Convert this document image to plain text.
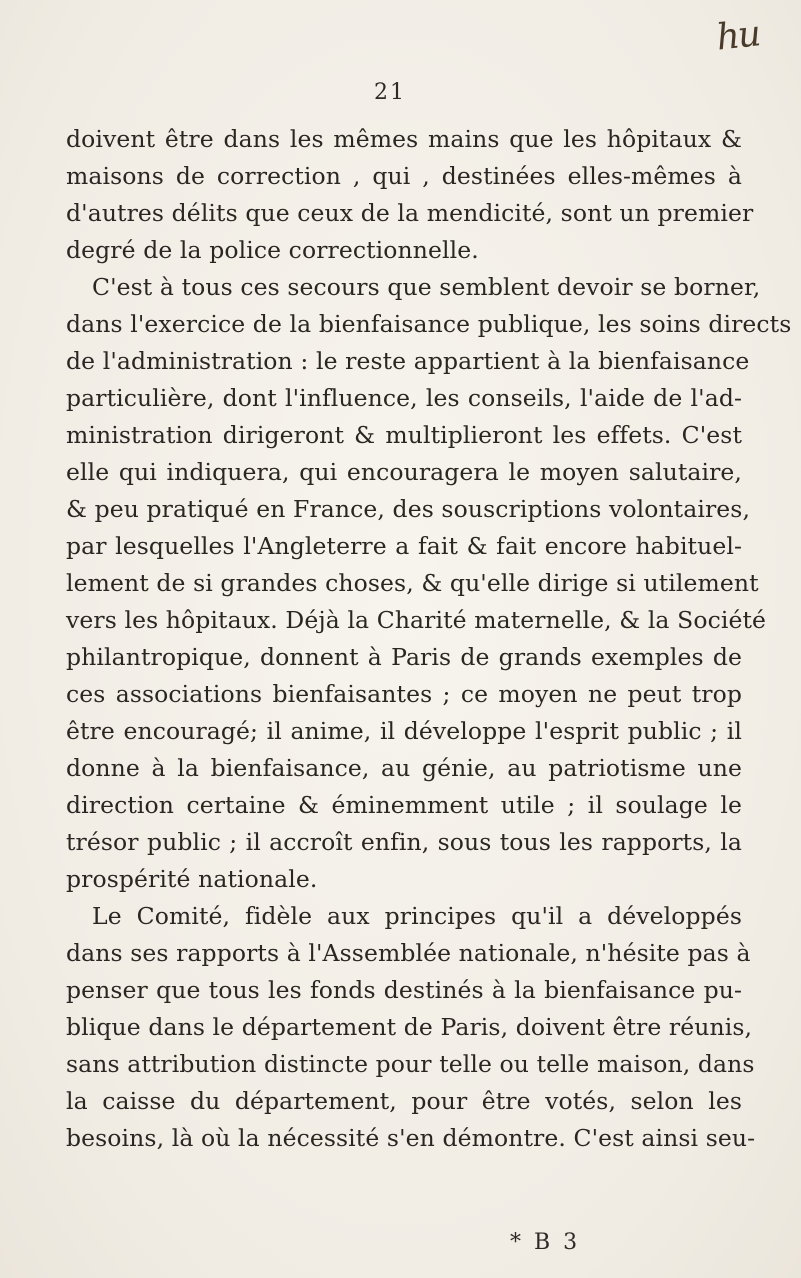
hu
21
doivent être dans les mêmes mains que les hôpitaux &
maisons de correction , qui , destinées elles-mêmes à
d'autres délits que ceux de la mendicité, sont un premier
degré de la police correctionnelle.
C'est à tous ces secours que semblent devoir se borner,
dans l'exercice de la bienfaisance publique, les soins directs
de l'administration : le reste appartient à la bienfaisance
particulière, dont l'influence, les conseils, l'aide de l'ad-
ministration dirigeront & multiplieront les effets. C'est
elle qui indiquera, qui encouragera le moyen salutaire,
& peu pratiqué en France, des souscriptions volontaires,
par lesquelles l'Angleterre a fait & fait encore habituel-
lement de si grandes choses, & qu'elle dirige si utilement
vers les hôpitaux. Déjà la Charité maternelle, & la Société
philantropique, donnent à Paris de grands exemples de
ces associations bienfaisantes ; ce moyen ne peut trop
être encouragé; il anime, il développe l'esprit public ; il
donne à la bienfaisance, au génie, au patriotisme une
direction certaine & éminemment utile ; il soulage le
trésor public ; il accroît enfin, sous tous les rapports, la
prospérité nationale.
Le Comité, fidèle aux principes qu'il a développés
dans ses rapports à l'Assemblée nationale, n'hésite pas à
penser que tous les fonds destinés à la bienfaisance pu-
blique dans le département de Paris, doivent être réunis,
sans attribution distincte pour telle ou telle maison, dans
la caisse du département, pour être votés, selon les
besoins, là où la nécessité s'en démontre. C'est ainsi seu-
* B 3
